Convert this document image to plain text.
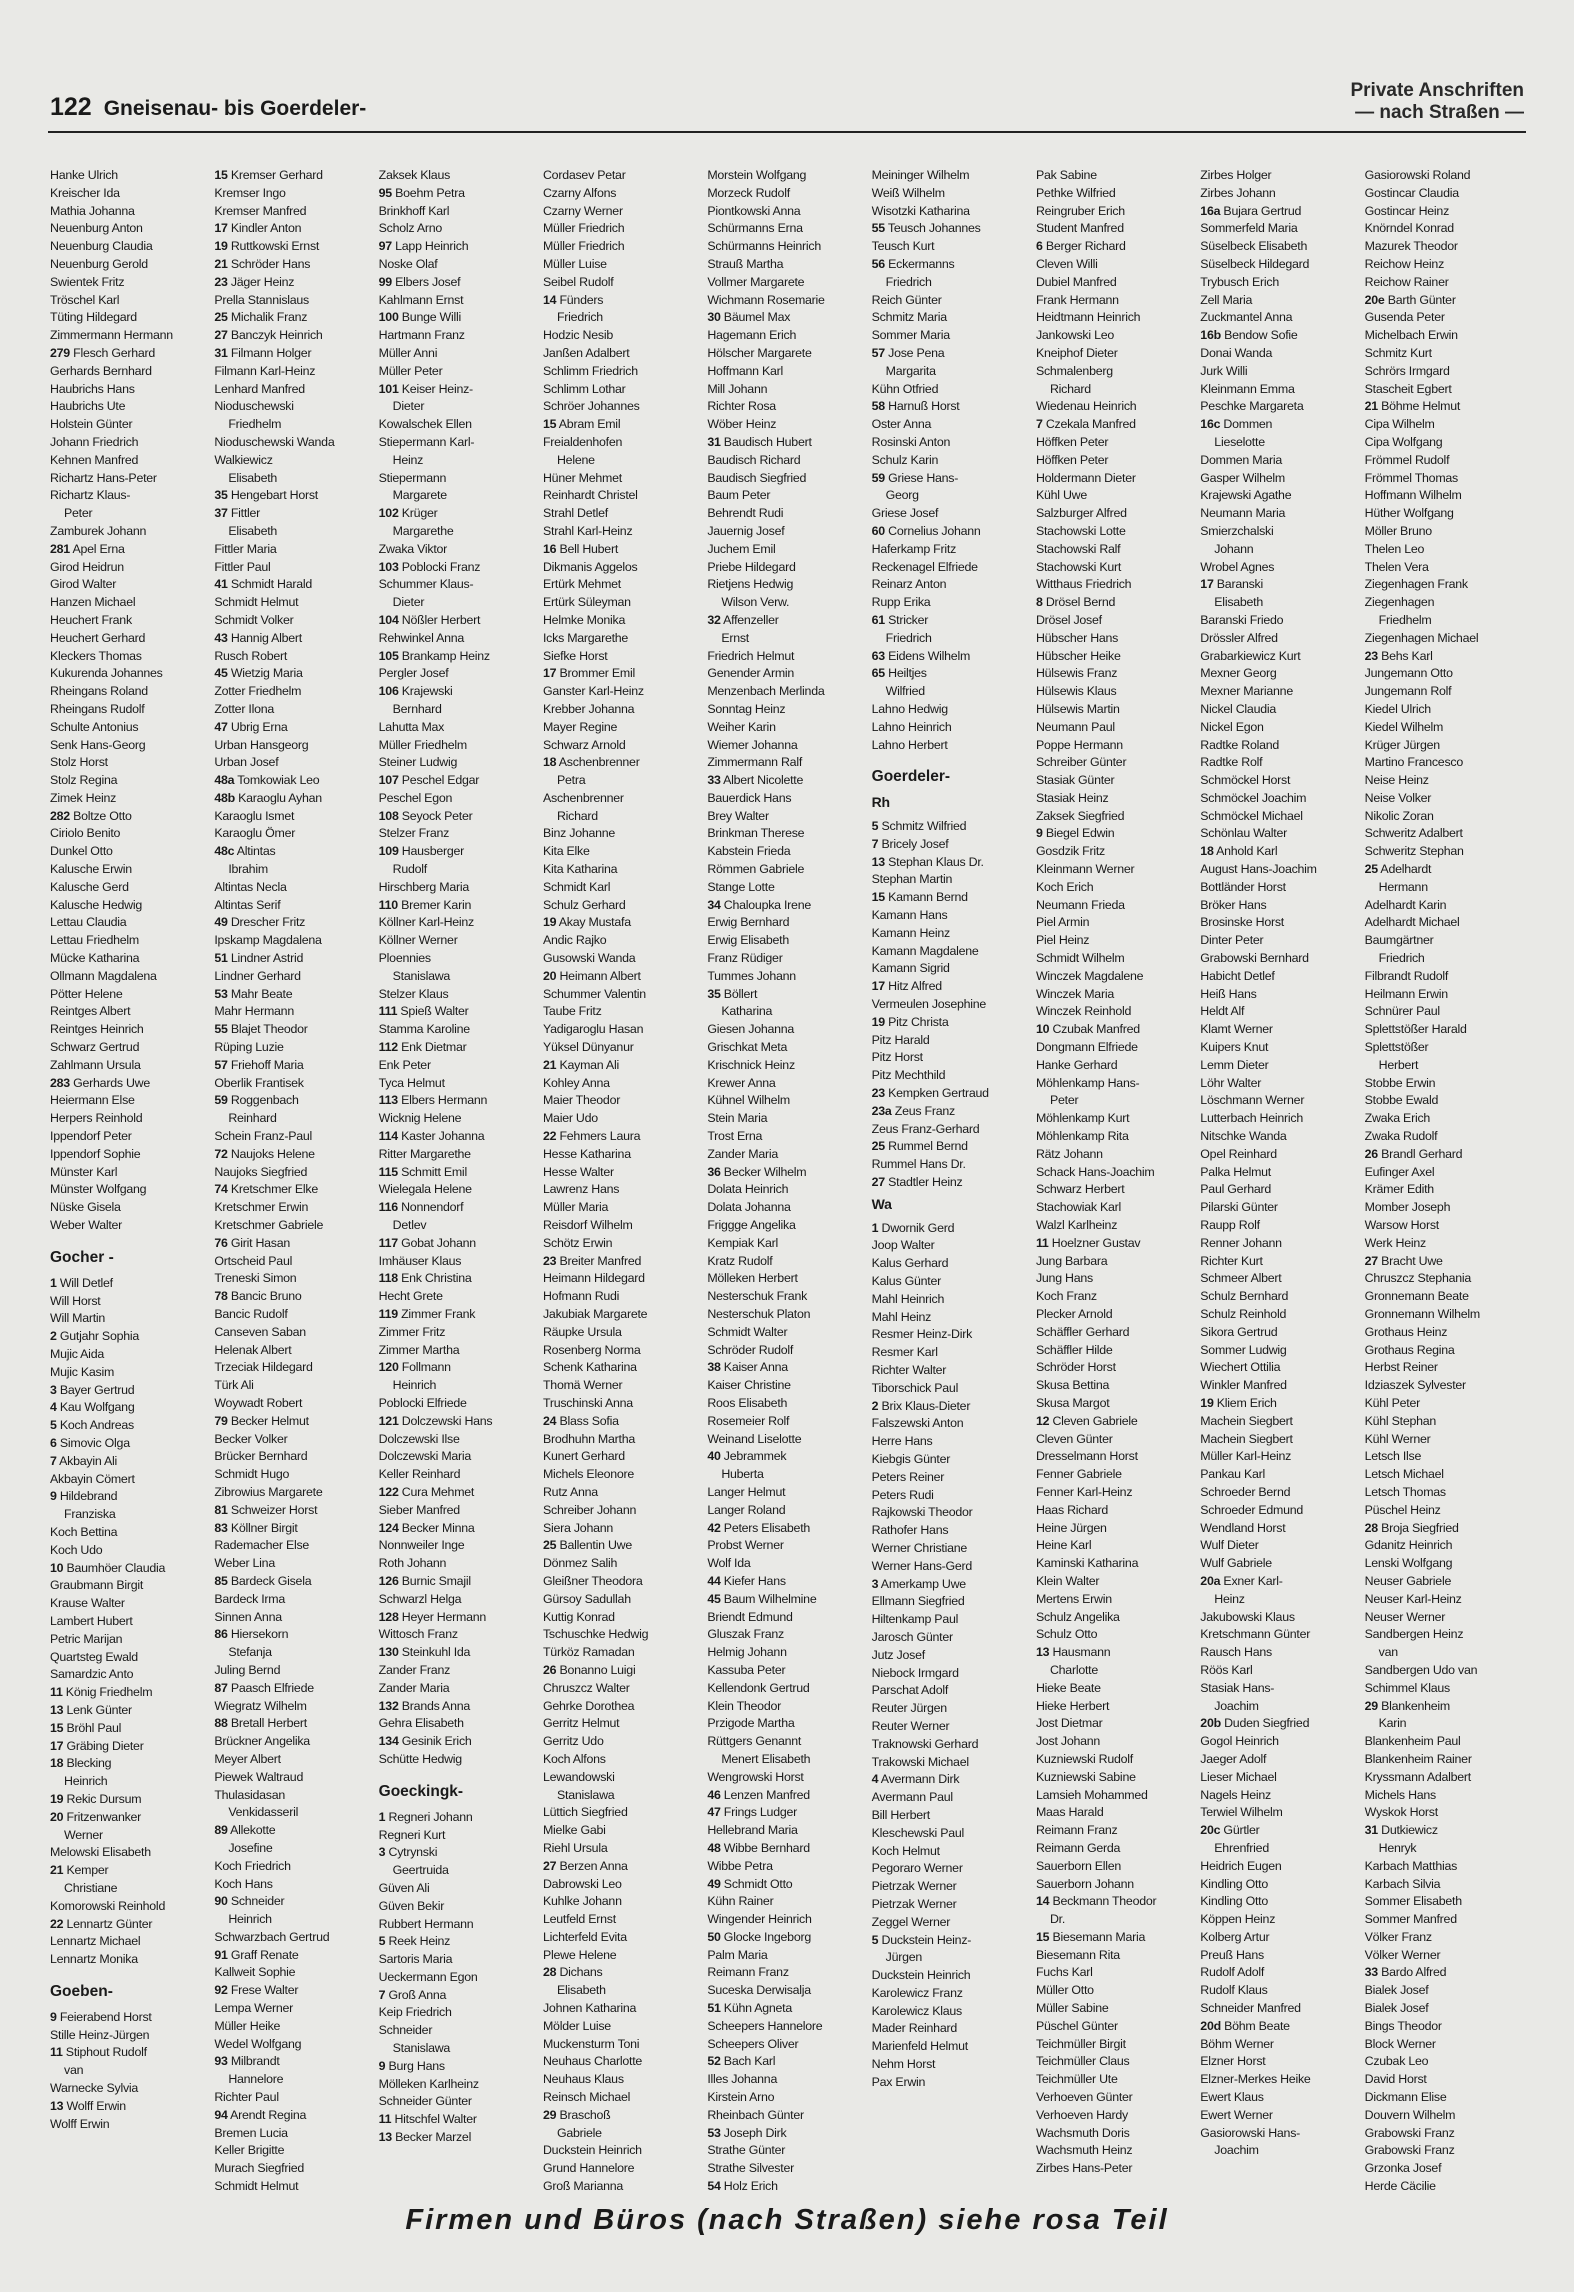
122 Gneisenau- bis Goerdeler-
Private Anschriften
— nach Straßen —
Hanke Ulrich
Kreischer Ida
Mathia Johanna
Neuenburg Anton
Neuenburg Claudia
Neuenburg Gerold
Swientek Fritz
Tröschel Karl
Tüting Hildegard
Zimmermann Hermann
279 Flesch Gerhard
Gerhards Bernhard
Haubrichs Hans
Haubrichs Ute
Holstein Günter
Johann Friedrich
Kehnen Manfred
Richartz Hans-Peter
Richartz Klaus-
Peter
Zamburek Johann
281 Apel Erna
Girod Heidrun
Girod Walter
Hanzen Michael
Heuchert Frank
Heuchert Gerhard
Kleckers Thomas
Kukurenda Johannes
Rheingans Roland
Rheingans Rudolf
Schulte Antonius
Senk Hans-Georg
Stolz Horst
Stolz Regina
Zimek Heinz
282 Boltze Otto
Ciriolo Benito
Dunkel Otto
Kalusche Erwin
Kalusche Gerd
Kalusche Hedwig
Lettau Claudia
Lettau Friedhelm
Mücke Katharina
Ollmann Magdalena
Pötter Helene
Reintges Albert
Reintges Heinrich
Schwarz Gertrud
Zahlmann Ursula
283 Gerhards Uwe
Heiermann Else
Herpers Reinhold
Ippendorf Peter
Ippendorf Sophie
Münster Karl
Münster Wolfgang
Nüske Gisela
Weber Walter
Gocher -
1 Will Detlef
Will Horst
Will Martin
2 Gutjahr Sophia
Mujic Aida
Mujic Kasim
3 Bayer Gertrud
4 Kau Wolfgang
5 Koch Andreas
6 Simovic Olga
7 Akbayin Ali
Akbayin Cömert
9 Hildebrand
Franziska
Koch Bettina
Koch Udo
10 Baumhöer Claudia
Graubmann Birgit
Krause Walter
Lambert Hubert
Petric Marijan
Quartsteg Ewald
Samardzic Anto
11 König Friedhelm
13 Lenk Günter
15 Bröhl Paul
17 Gräbing Dieter
18 Blecking
Heinrich
19 Rekic Dursum
20 Fritzenwanker
Werner
Melowski Elisabeth
21 Kemper
Christiane
Komorowski Reinhold
22 Lennartz Günter
Lennartz Michael
Lennartz Monika
Goeben-
9 Feierabend Horst
Stille Heinz-Jürgen
11 Stiphout Rudolf
van
Warnecke Sylvia
13 Wolff Erwin
Wolff Erwin
15 Kremser Gerhard
Kremser Ingo
Kremser Manfred
17 Kindler Anton
19 Ruttkowski Ernst
21 Schröder Hans
23 Jäger Heinz
Prella Stannislaus
25 Michalik Franz
27 Banczyk Heinrich
31 Filmann Holger
Filmann Karl-Heinz
Lenhard Manfred
Nioduschewski
Friedhelm
Nioduschewski Wanda
Walkiewicz
Elisabeth
35 Hengebart Horst
37 Fittler
Elisabeth
Fittler Maria
Fittler Paul
41 Schmidt Harald
Schmidt Helmut
Schmidt Volker
43 Hannig Albert
Rusch Robert
45 Wietzig Maria
Zotter Friedhelm
Zotter Ilona
47 Ubrig Erna
Urban Hansgeorg
Urban Josef
48a Tomkowiak Leo
48b Karaoglu Ayhan
Karaoglu Ismet
Karaoglu Ömer
48c Altintas
Ibrahim
Altintas Necla
Altintas Serif
49 Drescher Fritz
Ipskamp Magdalena
51 Lindner Astrid
Lindner Gerhard
53 Mahr Beate
Mahr Hermann
55 Blajet Theodor
Rüping Luzie
57 Friehoff Maria
Oberlik Frantisek
59 Roggenbach
Reinhard
Schein Franz-Paul
72 Naujoks Helene
Naujoks Siegfried
74 Kretschmer Elke
Kretschmer Erwin
Kretschmer Gabriele
76 Girit Hasan
Ortscheid Paul
Treneski Simon
78 Bancic Bruno
Bancic Rudolf
Canseven Saban
Helenak Albert
Trzeciak Hildegard
Türk Ali
Woywadt Robert
79 Becker Helmut
Becker Volker
Brücker Bernhard
Schmidt Hugo
Zibrowius Margarete
81 Schweizer Horst
83 Köllner Birgit
Rademacher Else
Weber Lina
85 Bardeck Gisela
Bardeck Irma
Sinnen Anna
86 Hiersekorn
Stefanja
Juling Bernd
87 Paasch Elfriede
Wiegratz Wilhelm
88 Bretall Herbert
Brückner Angelika
Meyer Albert
Piewek Waltraud
Thulasidasan
Venkidasseril
89 Allekotte
Josefine
Koch Friedrich
Koch Hans
90 Schneider
Heinrich
Schwarzbach Gertrud
91 Graff Renate
Kallweit Sophie
92 Frese Walter
Lempa Werner
Müller Heike
Wedel Wolfgang
93 Milbrandt
Hannelore
Richter Paul
94 Arendt Regina
Bremen Lucia
Keller Brigitte
Murach Siegfried
Schmidt Helmut
Zaksek Klaus
95 Boehm Petra
Brinkhoff Karl
Scholz Arno
97 Lapp Heinrich
Noske Olaf
99 Elbers Josef
Kahlmann Ernst
100 Bunge Willi
Hartmann Franz
Müller Anni
Müller Peter
101 Keiser Heinz-
Dieter
Kowalschek Ellen
Stiepermann Karl-
Heinz
Stiepermann
Margarete
102 Krüger
Margarethe
Zwaka Viktor
103 Poblocki Franz
Schummer Klaus-
Dieter
104 Nößler Herbert
Rehwinkel Anna
105 Brankamp Heinz
Pergler Josef
106 Krajewski
Bernhard
Lahutta Max
Müller Friedhelm
Steiner Ludwig
107 Peschel Edgar
Peschel Egon
108 Seyock Peter
Stelzer Franz
109 Hausberger
Rudolf
Hirschberg Maria
110 Bremer Karin
Köllner Karl-Heinz
Köllner Werner
Ploennies
Stanislawa
Stelzer Klaus
111 Spieß Walter
Stamma Karoline
112 Enk Dietmar
Enk Peter
Tyca Helmut
113 Elbers Hermann
Wicknig Helene
114 Kaster Johanna
Ritter Margarethe
115 Schmitt Emil
Wielegala Helene
116 Nonnendorf
Detlev
117 Gobat Johann
Imhäuser Klaus
118 Enk Christina
Hecht Grete
119 Zimmer Frank
Zimmer Fritz
Zimmer Martha
120 Follmann
Heinrich
Poblocki Elfriede
121 Dolczewski Hans
Dolczewski Ilse
Dolczewski Maria
Keller Reinhard
122 Cura Mehmet
Sieber Manfred
124 Becker Minna
Nonnweiler Inge
Roth Johann
126 Burnic Smajil
Schwarzl Helga
128 Heyer Hermann
Wittosch Franz
130 Steinkuhl Ida
Zander Franz
Zander Maria
132 Brands Anna
Gehra Elisabeth
134 Gesinik Erich
Schütte Hedwig
Goeckingk-
1 Regneri Johann
Regneri Kurt
3 Cytrynski
Geertruida
Güven Ali
Güven Bekir
Rubbert Hermann
5 Reek Heinz
Sartoris Maria
Ueckermann Egon
7 Groß Anna
Keip Friedrich
Schneider
Stanislawa
9 Burg Hans
Mölleken Karlheinz
Schneider Günter
11 Hitschfel Walter
13 Becker Marzel
Cordasev Petar
Czarny Alfons
Czarny Werner
Müller Friedrich
Müller Friedrich
Müller Luise
Seibel Rudolf
14 Fünders
Friedrich
Hodzic Nesib
Janßen Adalbert
Schlimm Friedrich
Schlimm Lothar
Schröer Johannes
15 Abram Emil
Freialdenhofen
Helene
Hüner Mehmet
Reinhardt Christel
Strahl Detlef
Strahl Karl-Heinz
16 Bell Hubert
Dikmanis Aggelos
Ertürk Mehmet
Ertürk Süleyman
Helmke Monika
Icks Margarethe
Siefke Horst
17 Brommer Emil
Ganster Karl-Heinz
Krebber Johanna
Mayer Regine
Schwarz Arnold
18 Aschenbrenner
Petra
Aschenbrenner
Richard
Binz Johanne
Kita Elke
Kita Katharina
Schmidt Karl
Schulz Gerhard
19 Akay Mustafa
Andic Rajko
Gusowski Wanda
20 Heimann Albert
Schummer Valentin
Taube Fritz
Yadigaroglu Hasan
Yüksel Dünyanur
21 Kayman Ali
Kohley Anna
Maier Theodor
Maier Udo
22 Fehmers Laura
Hesse Katharina
Hesse Walter
Lawrenz Hans
Müller Maria
Reisdorf Wilhelm
Schötz Erwin
23 Breiter Manfred
Heimann Hildegard
Hofmann Rudi
Jakubiak Margarete
Räupke Ursula
Rosenberg Norma
Schenk Katharina
Thomä Werner
Truschinski Anna
24 Blass Sofia
Brodhuhn Martha
Kunert Gerhard
Michels Eleonore
Rutz Anna
Schreiber Johann
Siera Johann
25 Ballentin Uwe
Dönmez Salih
Gleißner Theodora
Gürsoy Sadullah
Kuttig Konrad
Tschuschke Hedwig
Türköz Ramadan
26 Bonanno Luigi
Chruszcz Walter
Gehrke Dorothea
Gerritz Helmut
Gerritz Udo
Koch Alfons
Lewandowski
Stanislawa
Lüttich Siegfried
Mielke Gabi
Riehl Ursula
27 Berzen Anna
Dabrowski Leo
Kuhlke Johann
Leutfeld Ernst
Lichterfeld Evita
Plewe Helene
28 Dichans
Elisabeth
Johnen Katharina
Mölder Luise
Muckensturm Toni
Neuhaus Charlotte
Neuhaus Klaus
Reinsch Michael
29 Braschoß
Gabriele
Duckstein Heinrich
Grund Hannelore
Groß Marianna
Morstein Wolfgang
Morzeck Rudolf
Piontkowski Anna
Schürmanns Erna
Schürmanns Heinrich
Strauß Martha
Vollmer Margarete
Wichmann Rosemarie
30 Bäumel Max
Hagemann Erich
Hölscher Margarete
Hoffmann Karl
Mill Johann
Richter Rosa
Wöber Heinz
31 Baudisch Hubert
Baudisch Richard
Baudisch Siegfried
Baum Peter
Behrendt Rudi
Jauernig Josef
Juchem Emil
Priebe Hildegard
Rietjens Hedwig
Wilson Verw.
32 Affenzeller
Ernst
Friedrich Helmut
Genender Armin
Menzenbach Merlinda
Sonntag Heinz
Weiher Karin
Wiemer Johanna
Zimmermann Ralf
33 Albert Nicolette
Bauerdick Hans
Brey Walter
Brinkman Therese
Kabstein Frieda
Römmen Gabriele
Stange Lotte
34 Chaloupka Irene
Erwig Bernhard
Erwig Elisabeth
Franz Rüdiger
Tummes Johann
35 Böllert
Katharina
Giesen Johanna
Grischkat Meta
Krischnick Heinz
Krewer Anna
Kühnel Wilhelm
Stein Maria
Trost Erna
Zander Maria
36 Becker Wilhelm
Dolata Heinrich
Dolata Johanna
Friggge Angelika
Kempiak Karl
Kratz Rudolf
Mölleken Herbert
Nesterschuk Frank
Nesterschuk Platon
Schmidt Walter
Schröder Rudolf
38 Kaiser Anna
Kaiser Christine
Roos Elisabeth
Rosemeier Rolf
Weinand Liselotte
40 Jebrammek
Huberta
Langer Helmut
Langer Roland
42 Peters Elisabeth
Probst Werner
Wolf Ida
44 Kiefer Hans
45 Baum Wilhelmine
Briendt Edmund
Gluszak Franz
Helmig Johann
Kassuba Peter
Kellendonk Gertrud
Klein Theodor
Przigode Martha
Rüttgers Genannt
Menert Elisabeth
Wengrowski Horst
46 Lenzen Manfred
47 Frings Ludger
Hellebrand Maria
48 Wibbe Bernhard
Wibbe Petra
49 Schmidt Otto
Kühn Rainer
Wingender Heinrich
50 Glocke Ingeborg
Palm Maria
Reimann Franz
Suceska Derwisalja
51 Kühn Agneta
Scheepers Hannelore
Scheepers Oliver
52 Bach Karl
Illes Johanna
Kirstein Arno
Rheinbach Günter
53 Joseph Dirk
Strathe Günter
Strathe Silvester
54 Holz Erich
Meininger Wilhelm
Weiß Wilhelm
Wisotzki Katharina
55 Teusch Johannes
Teusch Kurt
56 Eckermanns
Friedrich
Reich Günter
Schmitz Maria
Sommer Maria
57 Jose Pena
Margarita
Kühn Otfried
58 Harnuß Horst
Oster Anna
Rosinski Anton
Schulz Karin
59 Griese Hans-
Georg
Griese Josef
60 Cornelius Johann
Haferkamp Fritz
Reckenagel Elfriede
Reinarz Anton
Rupp Erika
61 Stricker
Friedrich
63 Eidens Wilhelm
65 Heiltjes
Wilfried
Lahno Hedwig
Lahno Heinrich
Lahno Herbert
Goerdeler-
Rh
5 Schmitz Wilfried
7 Bricely Josef
13 Stephan Klaus Dr.
Stephan Martin
15 Kamann Bernd
Kamann Hans
Kamann Heinz
Kamann Magdalene
Kamann Sigrid
17 Hitz Alfred
Vermeulen Josephine
19 Pitz Christa
Pitz Harald
Pitz Horst
Pitz Mechthild
23 Kempken Gertraud
23a Zeus Franz
Zeus Franz-Gerhard
25 Rummel Bernd
Rummel Hans Dr.
27 Stadtler Heinz
Wa
1 Dwornik Gerd
Joop Walter
Kalus Gerhard
Kalus Günter
Mahl Heinrich
Mahl Heinz
Resmer Heinz-Dirk
Resmer Karl
Richter Walter
Tiborschick Paul
2 Brix Klaus-Dieter
Falszewski Anton
Herre Hans
Kiebgis Günter
Peters Reiner
Peters Rudi
Rajkowski Theodor
Rathofer Hans
Werner Christiane
Werner Hans-Gerd
3 Amerkamp Uwe
Ellmann Siegfried
Hiltenkamp Paul
Jarosch Günter
Jutz Josef
Niebock Irmgard
Parschat Adolf
Reuter Jürgen
Reuter Werner
Traknowski Gerhard
Trakowski Michael
4 Avermann Dirk
Avermann Paul
Bill Herbert
Kleschewski Paul
Koch Helmut
Pegoraro Werner
Pietrzak Werner
Pietrzak Werner
Zeggel Werner
5 Duckstein Heinz-
Jürgen
Duckstein Heinrich
Karolewicz Franz
Karolewicz Klaus
Mader Reinhard
Marienfeld Helmut
Nehm Horst
Pax Erwin
Pak Sabine
Pethke Wilfried
Reingruber Erich
Student Manfred
6 Berger Richard
Cleven Willi
Dubiel Manfred
Frank Hermann
Heidtmann Heinrich
Jankowski Leo
Kneiphof Dieter
Schmalenberg
Richard
Wiedenau Heinrich
7 Czekala Manfred
Höffken Peter
Höffken Peter
Holdermann Dieter
Kühl Uwe
Salzburger Alfred
Stachowski Lotte
Stachowski Ralf
Stachowski Kurt
Witthaus Friedrich
8 Drösel Bernd
Drösel Josef
Hübscher Hans
Hübscher Heike
Hülsewis Franz
Hülsewis Klaus
Hülsewis Martin
Neumann Paul
Poppe Hermann
Schreiber Günter
Stasiak Günter
Stasiak Heinz
Zaksek Siegfried
9 Biegel Edwin
Gosdzik Fritz
Kleinmann Werner
Koch Erich
Neumann Frieda
Piel Armin
Piel Heinz
Schmidt Wilhelm
Winczek Magdalene
Winczek Maria
Winczek Reinhold
10 Czubak Manfred
Dongmann Elfriede
Hanke Gerhard
Möhlenkamp Hans-
Peter
Möhlenkamp Kurt
Möhlenkamp Rita
Rätz Johann
Schack Hans-Joachim
Schwarz Herbert
Stachowiak Karl
Walzl Karlheinz
11 Hoelzner Gustav
Jung Barbara
Jung Hans
Koch Franz
Plecker Arnold
Schäffler Gerhard
Schäffler Hilde
Schröder Horst
Skusa Bettina
Skusa Margot
12 Cleven Gabriele
Cleven Günter
Dresselmann Horst
Fenner Gabriele
Fenner Karl-Heinz
Haas Richard
Heine Jürgen
Heine Karl
Kaminski Katharina
Klein Walter
Mertens Erwin
Schulz Angelika
Schulz Otto
13 Hausmann
Charlotte
Hieke Beate
Hieke Herbert
Jost Dietmar
Jost Johann
Kuzniewski Rudolf
Kuzniewski Sabine
Lamsieh Mohammed
Maas Harald
Reimann Franz
Reimann Gerda
Sauerborn Ellen
Sauerborn Johann
14 Beckmann Theodor
Dr.
15 Biesemann Maria
Biesemann Rita
Fuchs Karl
Müller Otto
Müller Sabine
Püschel Günter
Teichmüller Birgit
Teichmüller Claus
Teichmüller Ute
Verhoeven Günter
Verhoeven Hardy
Wachsmuth Doris
Wachsmuth Heinz
Zirbes Hans-Peter
Zirbes Holger
Zirbes Johann
16a Bujara Gertrud
Sommerfeld Maria
Süselbeck Elisabeth
Süselbeck Hildegard
Trybusch Erich
Zell Maria
Zuckmantel Anna
16b Bendow Sofie
Donai Wanda
Jurk Willi
Kleinmann Emma
Peschke Margareta
16c Dommen
Lieselotte
Dommen Maria
Gasper Wilhelm
Krajewski Agathe
Neumann Maria
Smierzchalski
Johann
Wrobel Agnes
17 Baranski
Elisabeth
Baranski Friedo
Drössler Alfred
Grabarkiewicz Kurt
Mexner Georg
Mexner Marianne
Nickel Claudia
Nickel Egon
Radtke Roland
Radtke Rolf
Schmöckel Horst
Schmöckel Joachim
Schmöckel Michael
Schönlau Walter
18 Anhold Karl
August Hans-Joachim
Bottländer Horst
Bröker Hans
Brosinske Horst
Dinter Peter
Grabowski Bernhard
Habicht Detlef
Heiß Hans
Heldt Alf
Klamt Werner
Kuipers Knut
Lemm Dieter
Löhr Walter
Löschmann Werner
Lutterbach Heinrich
Nitschke Wanda
Opel Reinhard
Palka Helmut
Paul Gerhard
Pilarski Günter
Raupp Rolf
Renner Johann
Richter Kurt
Schmeer Albert
Schulz Bernhard
Schulz Reinhold
Sikora Gertrud
Sommer Ludwig
Wiechert Ottilia
Winkler Manfred
19 Kliem Erich
Machein Siegbert
Machein Siegbert
Müller Karl-Heinz
Pankau Karl
Schroeder Bernd
Schroeder Edmund
Wendland Horst
Wulf Dieter
Wulf Gabriele
20a Exner Karl-
Heinz
Jakubowski Klaus
Kretschmann Günter
Rausch Hans
Röös Karl
Stasiak Hans-
Joachim
20b Duden Siegfried
Gogol Heinrich
Jaeger Adolf
Lieser Michael
Nagels Heinz
Terwiel Wilhelm
20c Gürtler
Ehrenfried
Heidrich Eugen
Kindling Otto
Kindling Otto
Köppen Heinz
Kolberg Artur
Preuß Hans
Rudolf Adolf
Rudolf Klaus
Schneider Manfred
20d Böhm Beate
Böhm Werner
Elzner Horst
Elzner-Merkes Heike
Ewert Klaus
Ewert Werner
Gasiorowski Hans-
Joachim
Gasiorowski Roland
Gostincar Claudia
Gostincar Heinz
Knörndel Konrad
Mazurek Theodor
Reichow Heinz
Reichow Rainer
20e Barth Günter
Gusenda Peter
Michelbach Erwin
Schmitz Kurt
Schrörs Irmgard
Stascheit Egbert
21 Böhme Helmut
Cipa Wilhelm
Cipa Wolfgang
Frömmel Rudolf
Frömmel Thomas
Hoffmann Wilhelm
Hüther Wolfgang
Möller Bruno
Thelen Leo
Thelen Vera
Ziegenhagen Frank
Ziegenhagen
Friedhelm
Ziegenhagen Michael
23 Behs Karl
Jungemann Otto
Jungemann Rolf
Kiedel Ulrich
Kiedel Wilhelm
Krüger Jürgen
Martino Francesco
Neise Heinz
Neise Volker
Nikolic Zoran
Schweritz Adalbert
Schweritz Stephan
25 Adelhardt
Hermann
Adelhardt Karin
Adelhardt Michael
Baumgärtner
Friedrich
Filbrandt Rudolf
Heilmann Erwin
Schnürer Paul
Splettstößer Harald
Splettstößer
Herbert
Stobbe Erwin
Stobbe Ewald
Zwaka Erich
Zwaka Rudolf
26 Brandl Gerhard
Eufinger Axel
Krämer Edith
Momber Joseph
Warsow Horst
Werk Heinz
27 Bracht Uwe
Chruszcz Stephania
Gronnemann Beate
Gronnemann Wilhelm
Grothaus Heinz
Grothaus Regina
Herbst Reiner
Idziaszek Sylvester
Kühl Peter
Kühl Stephan
Kühl Werner
Letsch Ilse
Letsch Michael
Letsch Thomas
Püschel Heinz
28 Broja Siegfried
Gdanitz Heinrich
Lenski Wolfgang
Neuser Gabriele
Neuser Karl-Heinz
Neuser Werner
Sandbergen Heinz
van
Sandbergen Udo van
Schimmel Klaus
29 Blankenheim
Karin
Blankenheim Paul
Blankenheim Rainer
Kryssmann Adalbert
Michels Hans
Wyskok Horst
31 Dutkiewicz
Henryk
Karbach Matthias
Karbach Silvia
Sommer Elisabeth
Sommer Manfred
Völker Franz
Völker Werner
33 Bardo Alfred
Bialek Josef
Bialek Josef
Bings Theodor
Block Werner
Czubak Leo
David Horst
Dickmann Elise
Douvern Wilhelm
Grabowski Franz
Grabowski Franz
Grzonka Josef
Herde Cäcilie
Firmen und Büros (nach Straßen) siehe rosa Teil
